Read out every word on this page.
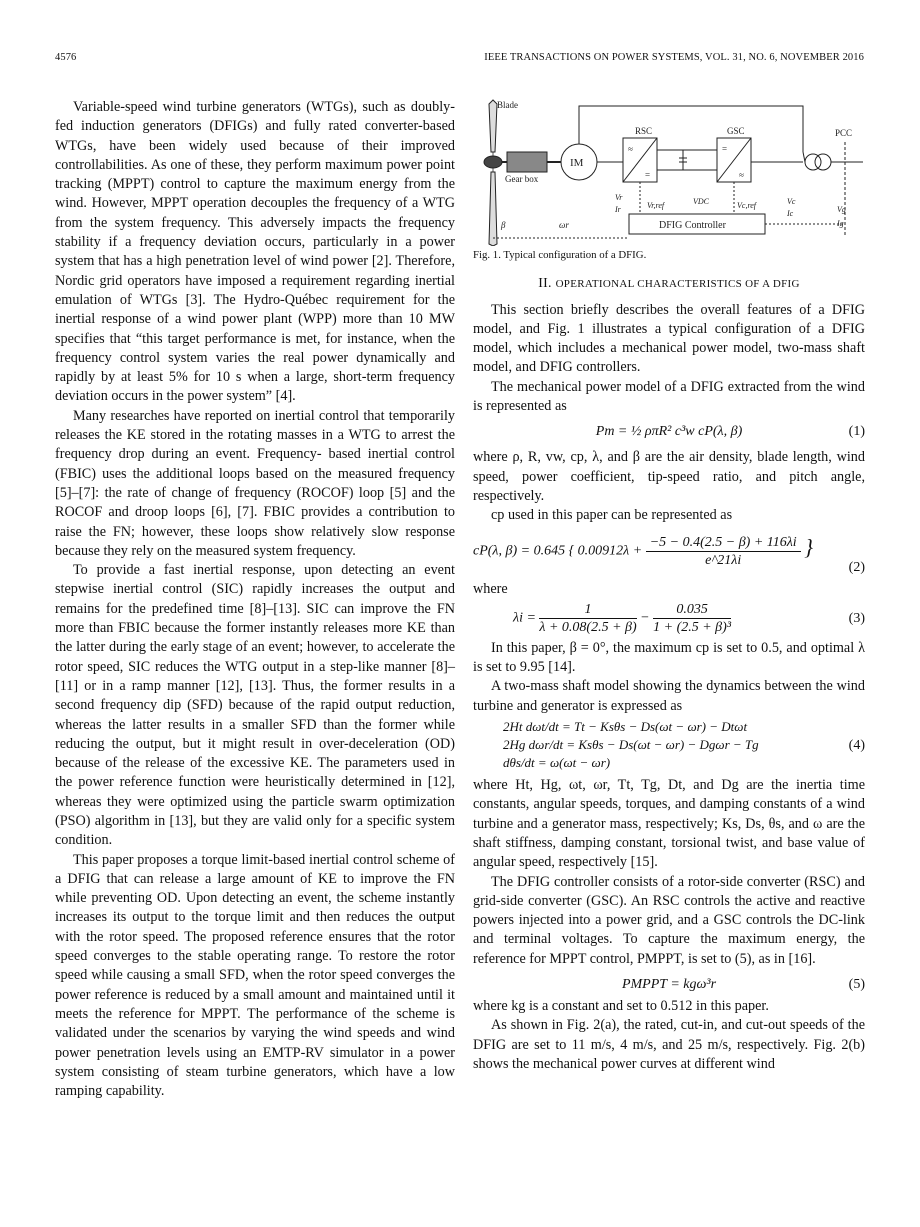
4576	IEEE TRANSACTIONS ON POWER SYSTEMS, VOL. 31, NO. 6, NOVEMBER 2016

Variable-speed wind turbine generators (WTGs), such as doubly-fed induction generators (DFIGs) and fully rated converter-based WTGs, have been widely used because of their improved controllabilities. As one of these, they perform maximum power point tracking (MPPT) control to capture the maximum energy from the wind. However, MPPT operation decouples the frequency of a WTG from the system frequency. This adversely impacts the frequency stability if a frequency deviation occurs, particularly in a power system that has a high penetration level of wind power [2]. Therefore, Nordic grid operators have imposed a requirement regarding inertial emulation of WTGs [3]. The Hydro-Québec requirement for the inertial response of a wind power plant (WPP) more than 10 MW specifies that “this target performance is met, for instance, when the frequency control system varies the real power dynamically and rapidly by at least 5% for 10 s when a large, short-term frequency deviation occurs in the power system” [4].

Many researches have reported on inertial control that temporarily releases the KE stored in the rotating masses in a WTG to arrest the frequency drop during an event. Frequency- based inertial control (FBIC) uses the additional loops based on the measured frequency [5]–[7]: the rate of change of frequency (ROCOF) loop [5] and the ROCOF and droop loops [6], [7]. FBIC provides a contribution to raise the FN; however, these loops show relatively slow response because they rely on the measured system frequency.

To provide a fast inertial response, upon detecting an event stepwise inertial control (SIC) rapidly increases the output and remains for the predefined time [8]–[13]. SIC can improve the FN more than FBIC because the former instantly releases more KE than the latter during the early stage of an event; however, to accelerate the rotor speed, SIC reduces the WTG output in a step-like manner [8]–[11] or in a ramp manner [12], [13]. Thus, the former results in a second frequency dip (SFD) because of the rapid output reduction, whereas the latter results in a smaller SFD than the former while reducing the output, but it might result in over-deceleration (OD) because of the release of the excessive KE. The parameters used in the power reference function were heuristically determined in [12], whereas they were optimized using the particle swarm optimization (PSO) algorithm in [13], but they are valid only for a specific system condition.

This paper proposes a torque limit-based inertial control scheme of a DFIG that can release a large amount of KE to improve the FN while preventing OD. Upon detecting an event, the scheme instantly increases its output to the torque limit and then reduces the output with the rotor speed. The proposed reference ensures that the rotor speed converges to the stable operating range. To restore the rotor speed while causing a small SFD, when the rotor speed converges the power reference is reduced by a small amount and maintained until it meets the reference for MPPT. The performance of the scheme is validated under the scenarios by varying the wind speeds and wind power penetration levels using an EMTP-RV simulator in a power system consisting of steam turbine generators, which have a low ramping capability.

Blade
Gear box
IM
RSC
≈
=
GSC
=
≈
PCC
DFIG Controller
β	ωr
Vr
Ir	Vr,ref	VDC	Vc,ref	Vc
Ic	Vg
Ig

Fig. 1. Typical configuration of a DFIG.

II. OPERATIONAL CHARACTERISTICS OF A DFIG

This section briefly describes the overall features of a DFIG model, and Fig. 1 illustrates a typical configuration of a DFIG model, which includes a mechanical power model, two-mass shaft model, and DFIG controllers.

The mechanical power model of a DFIG extracted from the wind is represented as

Pm = ½ ρπR² c³w cP(λ, β)	(1)

where ρ, R, vw, cp, λ, and β are the air density, blade length, wind speed, power coefficient, tip-speed ratio, and pitch angle, respectively.

cp used in this paper can be represented as

cP(λ, β) = 0.645 { $0.00912\lambda + \frac{-5 - 0.4(2.5 - \beta) + 116\lambda i}{e\^{}21\lambda i}$ }
(2)

where

$\lambda i = \frac{1}{\lambda + 0.08(2.5 + \beta)} - \frac{0.035}{\text{1 + (2.5 + β)³}}$	(3)

In this paper, β = 0°, the maximum cp is set to 0.5, and optimal λ is set to 9.95 [14].

A two-mass shaft model showing the dynamics between the wind turbine and generator is expressed as

2Ht dωt/dt = Tt − Ksθs − Ds(ωt − ωr) − Dtωt
2Hg dωr/dt = Ksθs − Ds(ωt − ωr) − Dgωr − Tg
dθs/dt = ω(ωt − ωr)
(4)

where Ht, Hg, ωt, ωr, Tt, Tg, Dt, and Dg are the inertia time constants, angular speeds, torques, and damping constants of a wind turbine and a generator mass, respectively; Ks, Ds, θs, and ω are the shaft stiffness, damping constant, torsional twist, and base value of angular speed, respectively [15].

The DFIG controller consists of a rotor-side converter (RSC) and grid-side converter (GSC). An RSC controls the active and reactive powers injected into a power grid, and a GSC controls the DC-link and terminal voltages. To capture the maximum energy, the reference for MPPT control, PMPPT, is set to (5), as in [16].

PMPPT = kgω³r	(5)

where kg is a constant and set to 0.512 in this paper.

As shown in Fig. 2(a), the rated, cut-in, and cut-out speeds of the DFIG are set to 11 m/s, 4 m/s, and 25 m/s, respectively. Fig. 2(b) shows the mechanical power curves at different wind
